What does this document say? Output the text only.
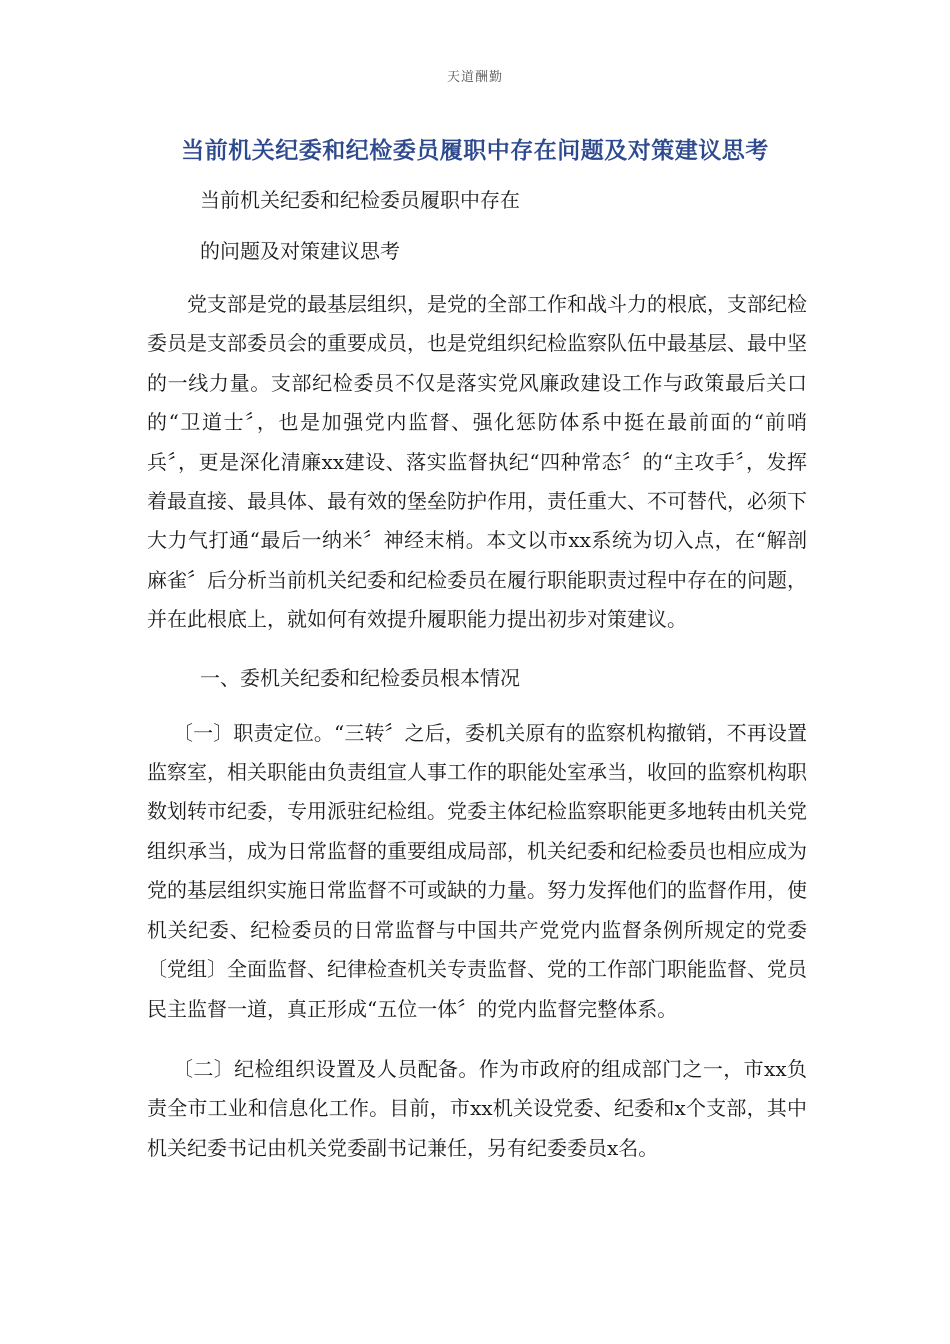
天道酬勤
当前机关纪委和纪检委员履职中存在问题及对策建议思考

当前机关纪委和纪检委员履职中存在

的问题及对策建议思考

党支部是党的最基层组织，是党的全部工作和战斗力的根底，支部纪检委员是支部委员会的重要成员，也是党组织纪检监察队伍中最基层、最中坚的一线力量。支部纪检委员不仅是落实党风廉政建设工作与政策最后关口的“卫道士〞，也是加强党内监督、强化惩防体系中挺在最前面的“前哨兵〞，更是深化清廉xx建设、落实监督执纪“四种常态〞的“主攻手〞，发挥着最直接、最具体、最有效的堡垒防护作用，责任重大、不可替代，必须下大力气打通“最后一纳米〞神经末梢。本文以市xx系统为切入点，在“解剖麻雀〞后分析当前机关纪委和纪检委员在履行职能职责过程中存在的问题，并在此根底上，就如何有效提升履职能力提出初步对策建议。

一、委机关纪委和纪检委员根本情况

〔一〕职责定位。“三转〞之后，委机关原有的监察机构撤销，不再设置监察室，相关职能由负责组宣人事工作的职能处室承当，收回的监察机构职数划转市纪委，专用派驻纪检组。党委主体纪检监察职能更多地转由机关党组织承当，成为日常监督的重要组成局部，机关纪委和纪检委员也相应成为党的基层组织实施日常监督不可或缺的力量。努力发挥他们的监督作用，使机关纪委、纪检委员的日常监督与中国共产党党内监督条例所规定的党委〔党组〕全面监督、纪律检查机关专责监督、党的工作部门职能监督、党员民主监督一道，真正形成“五位一体〞的党内监督完整体系。

〔二〕纪检组织设置及人员配备。作为市政府的组成部门之一，市xx负责全市工业和信息化工作。目前，市xx机关设党委、纪委和x个支部，其中机关纪委书记由机关党委副书记兼任，另有纪委委员x名。
